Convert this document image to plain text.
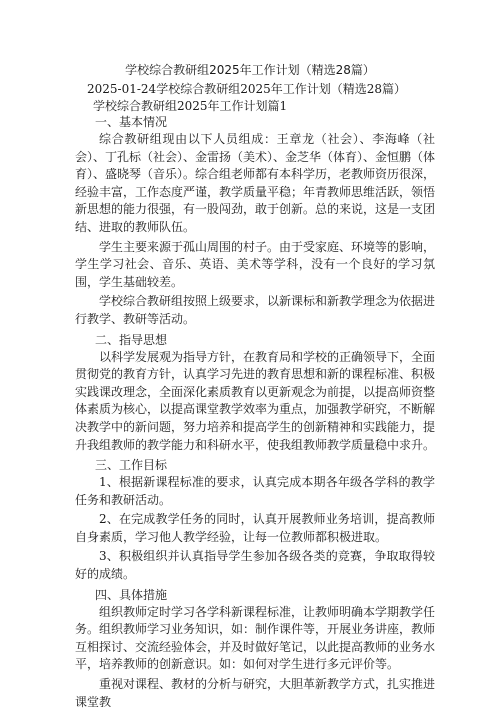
学校综合教研组2025年工作计划（精选28篇）
2025-01-24学校综合教研组2025年工作计划（精选28篇）
学校综合教研组2025年工作计划篇1

一、基本情况

综合教研组现由以下人员组成：王章龙（社会）、李海峰（社会）、丁孔标（社会）、金雷扬（美术）、金芝华（体育）、金恒鹏（体育）、盛晓琴（音乐）。综合组老师都有本科学历，老教师资历很深，经验丰富，工作态度严谨，教学质量平稳；年青教师思维活跃，领悟新思想的能力很强，有一股闯劲，敢于创新。总的来说，这是一支团结、进取的教师队伍。

学生主要来源于孤山周围的村子。由于受家庭、环境等的影响，学生学习社会、音乐、英语、美术等学科，没有一个良好的学习氛围，学生基础较差。

学校综合教研组按照上级要求，以新课标和新教学理念为依据进行教学、教研等活动。

二、指导思想

以科学发展观为指导方针，在教育局和学校的正确领导下，全面贯彻党的教育方针，认真学习先进的教育思想和新的课程标准、积极实践课改理念，全面深化素质教育以更新观念为前提，以提高师资整体素质为核心，以提高课堂教学效率为重点，加强教学研究，不断解决教学中的新问题，努力培养和提高学生的创新精神和实践能力，提升我组教师的教学能力和科研水平，使我组教师教学质量稳中求升。

三、工作目标

1、根据新课程标准的要求，认真完成本期各年级各学科的教学任务和教研活动。

2、在完成教学任务的同时，认真开展教师业务培训，提高教师自身素质，学习他人教学经验，让每一位教师都积极进取。

3、积极组织并认真指导学生参加各级各类的竞赛，争取取得较好的成绩。

四、具体措施

组织教师定时学习各学科新课程标准，让教师明确本学期教学任务。组织教师学习业务知识，如：制作课件等，开展业务讲座，教师互相探讨、交流经验体会，并及时做好笔记，以此提高教师的业务水平，培养教师的创新意识。如：如何对学生进行多元评价等。

重视对课程、教材的分析与研究，大胆革新教学方式，扎实推进课堂教
